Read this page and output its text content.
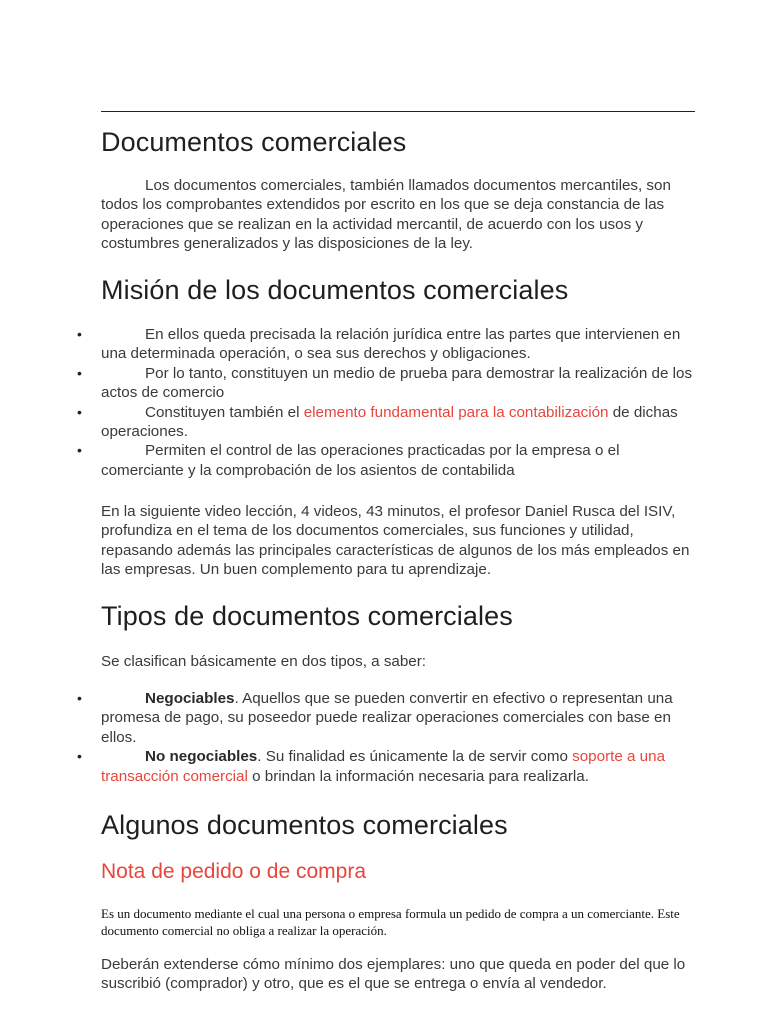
Documentos comerciales

Los documentos comerciales, también llamados documentos mercantiles, son todos los comprobantes extendidos por escrito en los que se deja constancia de las operaciones que se realizan en la actividad mercantil, de acuerdo con los usos y costumbres generalizados y las disposiciones de la ley.

Misión de los documentos comerciales
•	En ellos queda precisada la relación jurídica entre las partes que intervienen en una determinada operación, o sea sus derechos y obligaciones.
•	Por lo tanto, constituyen un medio de prueba para demostrar la realización de los actos de comercio
•	Constituyen también el elemento fundamental para la contabilización de dichas operaciones.
•	Permiten el control de las operaciones practicadas por la empresa o el comerciante y la comprobación de los asientos de contabilida

En la siguiente video lección, 4 videos, 43 minutos, el profesor Daniel Rusca del ISIV, profundiza en el tema de los documentos comerciales, sus funciones y utilidad, repasando además las principales características de algunos de los más empleados en las empresas. Un buen complemento para tu aprendizaje.

Tipos de documentos comerciales

Se clasifican básicamente en dos tipos, a saber:

•	Negociables. Aquellos que se pueden convertir en efectivo o representan una promesa de pago, su poseedor puede realizar operaciones comerciales con base en ellos.
•	No negociables. Su finalidad es únicamente la de servir como soporte a una transacción comercial o brindan la información necesaria para realizarla.
Algunos documentos comerciales
Nota de pedido o de compra

Es un documento mediante el cual una persona o empresa formula un pedido de compra a un comerciante. Este documento comercial no obliga a realizar la operación.

Deberán extenderse cómo mínimo dos ejemplares: uno que queda en poder del que lo suscribió (comprador) y otro, que es el que se entrega o envía al vendedor.
